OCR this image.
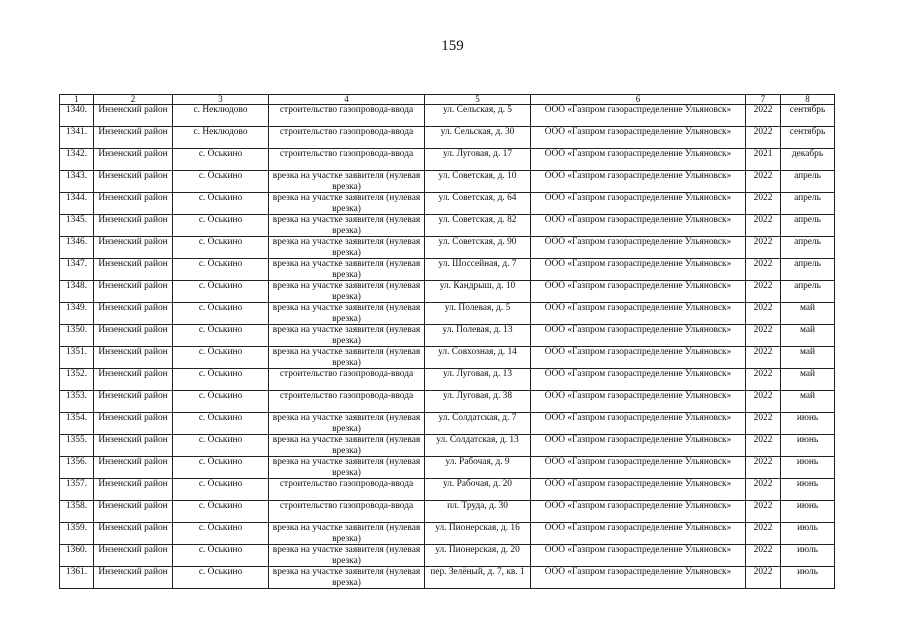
159
1	2	3	4	5	6	7	8
1340.	Инзенский район	с. Неклюдово	строительство газопровода-ввода	ул. Сельская, д. 5	ООО «Газпром газораспределение Ульяновск»	2022	сентябрь
1341.	Инзенский район	с. Неклюдово	строительство газопровода-ввода	ул. Сельская, д. 30	ООО «Газпром газораспределение Ульяновск»	2022	сентябрь
1342.	Инзенский район	с. Оськино	строительство газопровода-ввода	ул. Луговая, д. 17	ООО «Газпром газораспределение Ульяновск»	2021	декабрь
1343.	Инзенский район	с. Оськино	врезка на участке заявителя (нулевая врезка)	ул. Советская, д. 10	ООО «Газпром газораспределение Ульяновск»	2022	апрель
1344.	Инзенский район	с. Оськино	врезка на участке заявителя (нулевая врезка)	ул. Советская, д. 64	ООО «Газпром газораспределение Ульяновск»	2022	апрель
1345.	Инзенский район	с. Оськино	врезка на участке заявителя (нулевая врезка)	ул. Советская, д. 82	ООО «Газпром газораспределение Ульяновск»	2022	апрель
1346.	Инзенский район	с. Оськино	врезка на участке заявителя (нулевая врезка)	ул. Советская, д. 90	ООО «Газпром газораспределение Ульяновск»	2022	апрель
1347.	Инзенский район	с. Оськино	врезка на участке заявителя (нулевая врезка)	ул. Шоссейная, д. 7	ООО «Газпром газораспределение Ульяновск»	2022	апрель
1348.	Инзенский район	с. Оськино	врезка на участке заявителя (нулевая врезка)	ул. Кандрыш, д. 10	ООО «Газпром газораспределение Ульяновск»	2022	апрель
1349.	Инзенский район	с. Оськино	врезка на участке заявителя (нулевая врезка)	ул. Полевая, д. 5	ООО «Газпром газораспределение Ульяновск»	2022	май
1350.	Инзенский район	с. Оськино	врезка на участке заявителя (нулевая врезка)	ул. Полевая, д. 13	ООО «Газпром газораспределение Ульяновск»	2022	май
1351.	Инзенский район	с. Оськино	врезка на участке заявителя (нулевая врезка)	ул. Совхозная, д. 14	ООО «Газпром газораспределение Ульяновск»	2022	май
1352.	Инзенский район	с. Оськино	строительство газопровода-ввода	ул. Луговая, д. 13	ООО «Газпром газораспределение Ульяновск»	2022	май
1353.	Инзенский район	с. Оськино	строительство газопровода-ввода	ул. Луговая, д. 38	ООО «Газпром газораспределение Ульяновск»	2022	май
1354.	Инзенский район	с. Оськино	врезка на участке заявителя (нулевая врезка)	ул. Солдатская, д. 7	ООО «Газпром газораспределение Ульяновск»	2022	июнь
1355.	Инзенский район	с. Оськино	врезка на участке заявителя (нулевая врезка)	ул. Солдатская, д. 13	ООО «Газпром газораспределение Ульяновск»	2022	июнь
1356.	Инзенский район	с. Оськино	врезка на участке заявителя (нулевая врезка)	ул. Рабочая, д. 9	ООО «Газпром газораспределение Ульяновск»	2022	июнь
1357.	Инзенский район	с. Оськино	строительство газопровода-ввода	ул. Рабочая, д. 20	ООО «Газпром газораспределение Ульяновск»	2022	июнь
1358.	Инзенский район	с. Оськино	строительство газопровода-ввода	пл. Труда, д. 30	ООО «Газпром газораспределение Ульяновск»	2022	июнь
1359.	Инзенский район	с. Оськино	врезка на участке заявителя (нулевая врезка)	ул. Пионерская, д. 16	ООО «Газпром газораспределение Ульяновск»	2022	июль
1360.	Инзенский район	с. Оськино	врезка на участке заявителя (нулевая врезка)	ул. Пионерская, д. 20	ООО «Газпром газораспределение Ульяновск»	2022	июль
1361.	Инзенский район	с. Оськино	врезка на участке заявителя (нулевая врезка)	пер. Зелёный, д. 7, кв. 1	ООО «Газпром газораспределение Ульяновск»	2022	июль
